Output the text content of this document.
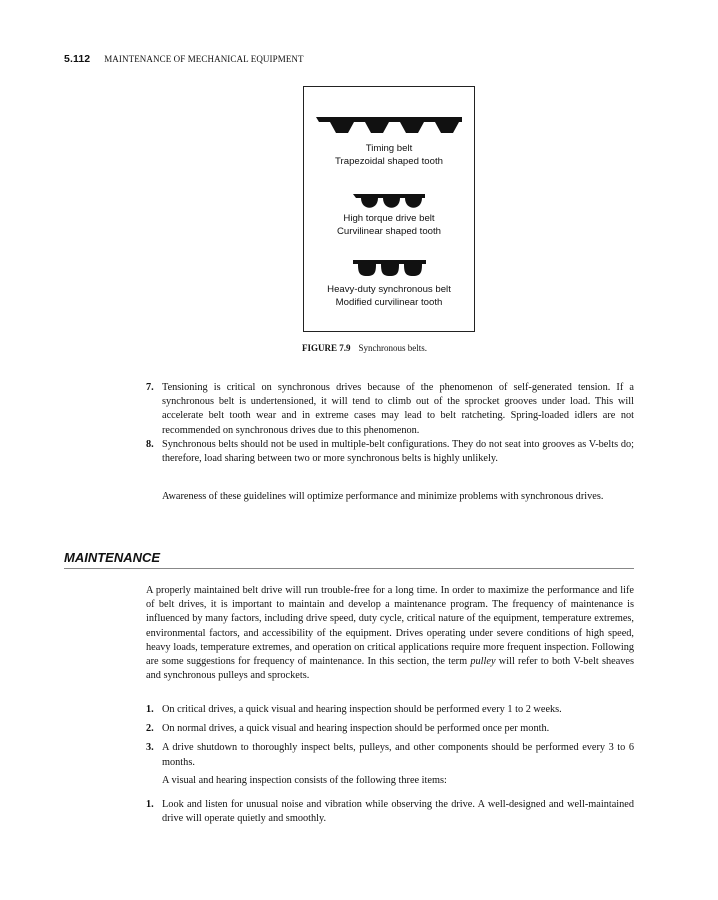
5.112 MAINTENANCE OF MECHANICAL EQUIPMENT
Timing belt
Trapezoidal shaped tooth
High torque drive belt
Curvilinear shaped tooth
Heavy-duty synchronous belt
Modified curvilinear tooth
FIGURE 7.9 Synchronous belts.
7. Tensioning is critical on synchronous drives because of the phenomenon of self-generated tension. If a synchronous belt is undertensioned, it will tend to climb out of the sprocket grooves under load. This will accelerate belt tooth wear and in extreme cases may lead to belt ratcheting. Spring-loaded idlers are not recommended on synchronous drives due to this phenomenon.
8. Synchronous belts should not be used in multiple-belt configurations. They do not seat into grooves as V-belts do; therefore, load sharing between two or more synchronous belts is highly unlikely.

Awareness of these guidelines will optimize performance and minimize problems with synchronous drives.

MAINTENANCE

A properly maintained belt drive will run trouble-free for a long time. In order to maximize the performance and life of belt drives, it is important to maintain and develop a maintenance program. The frequency of maintenance is influenced by many factors, including drive speed, duty cycle, critical nature of the equipment, temperature extremes, environmental factors, and accessibility of the equipment. Drives operating under severe conditions of high speed, heavy loads, temperature extremes, and operation on critical applications require more frequent inspection. Following are some suggestions for frequency of maintenance. In this section, the term pulley will refer to both V-belt sheaves and synchronous pulleys and sprockets.

1. On critical drives, a quick visual and hearing inspection should be performed every 1 to 2 weeks.
2. On normal drives, a quick visual and hearing inspection should be performed once per month.
3. A drive shutdown to thoroughly inspect belts, pulleys, and other components should be performed every 3 to 6 months.

A visual and hearing inspection consists of the following three items:

1. Look and listen for unusual noise and vibration while observing the drive. A well-designed and well-maintained drive will operate quietly and smoothly.
